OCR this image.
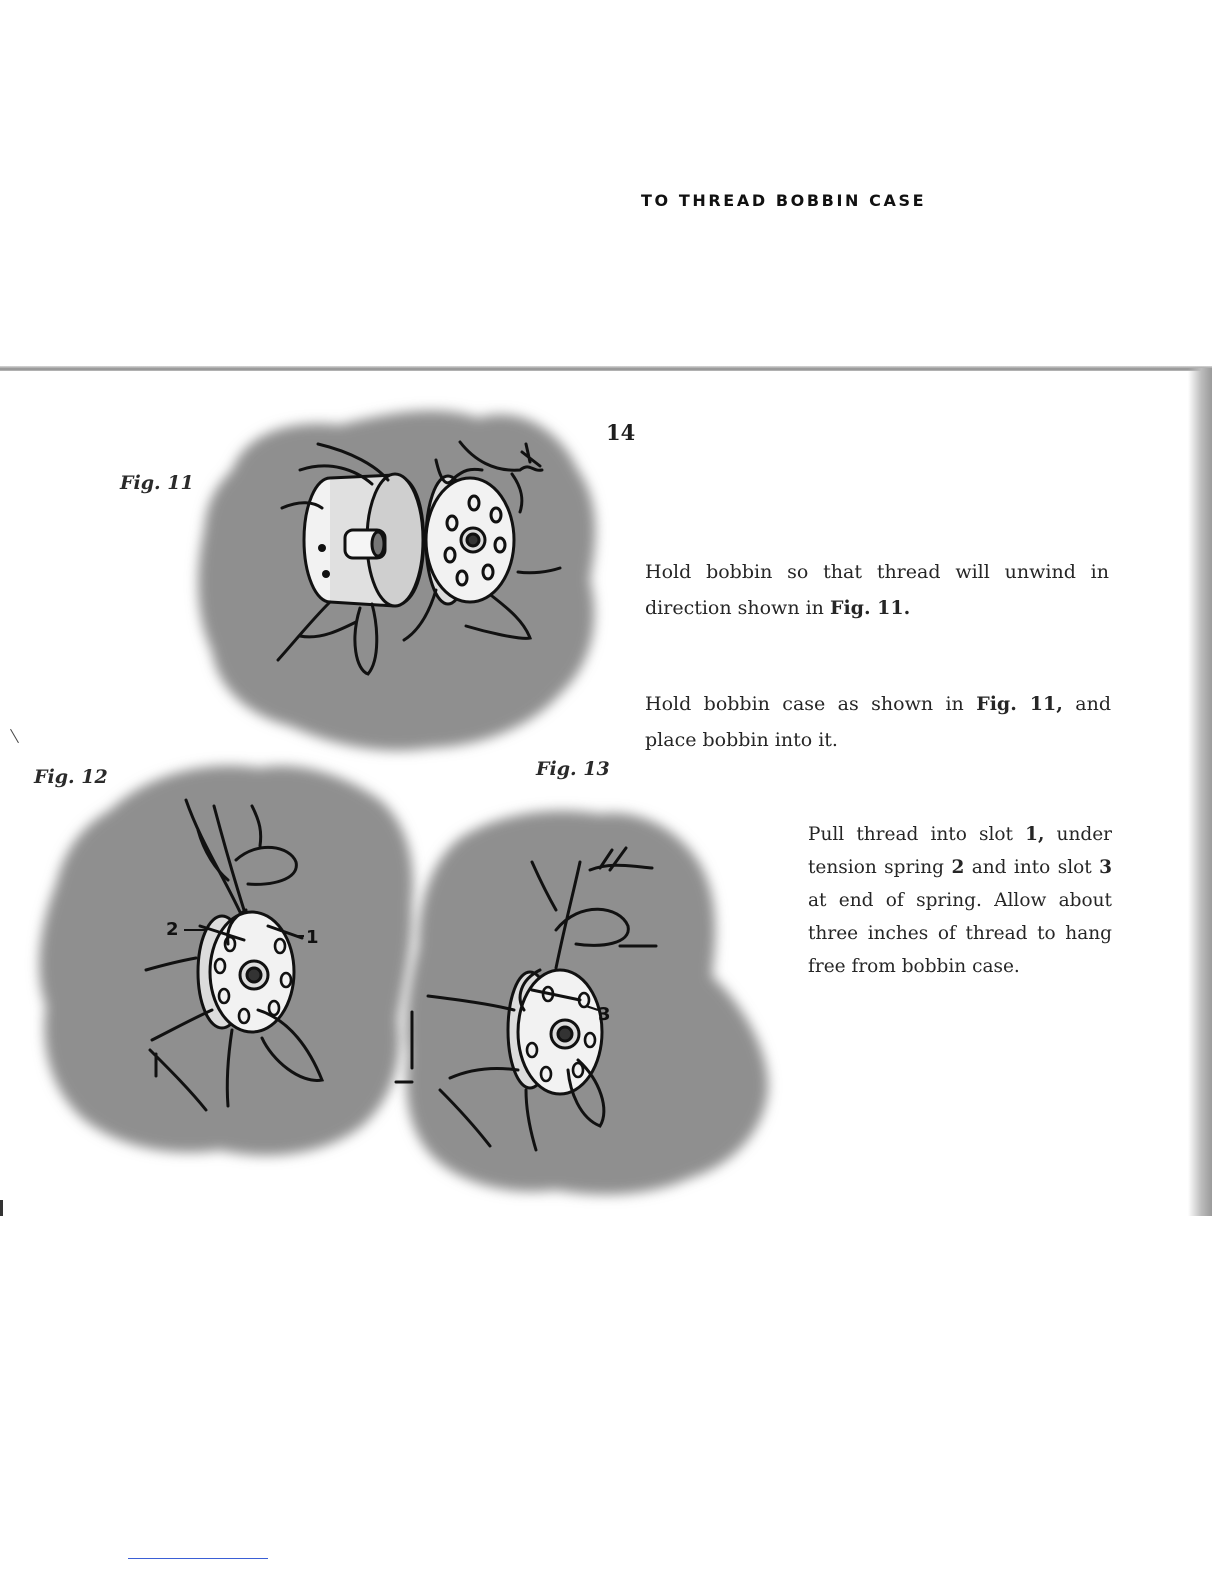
2	1
3

Fig. 11

Fig. 12	Fig. 13

14

TO THREAD BOBBIN CASE

Hold bobbin so that thread will unwind in direction shown in Fig. 11.

Hold bobbin case as shown in Fig. 11, and place bobbin into it.

Pull thread into slot 1, under tension spring 2 and into slot 3 at end of spring. Allow about three inches of thread to hang free from bobbin case.
